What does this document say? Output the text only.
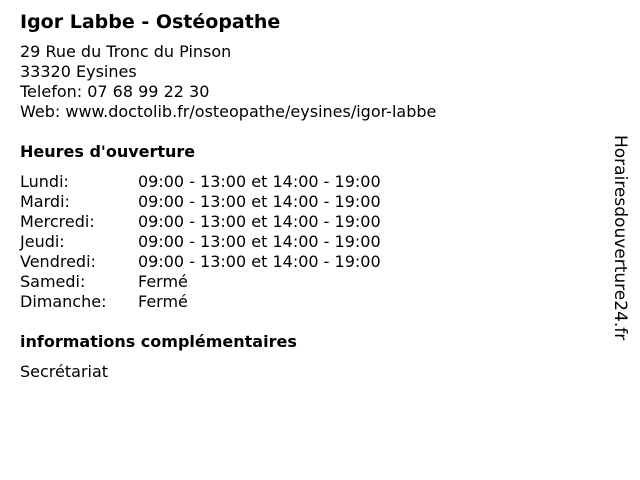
Igor Labbe - Ostéopathe
29 Rue du Tronc du Pinson
33320 Eysines
Telefon: 07 68 99 22 30
Web: www.doctolib.fr/osteopathe/eysines/igor-labbe
Heures d'ouverture
Lundi:	09:00 - 13:00 et 14:00 - 19:00
Mardi:	09:00 - 13:00 et 14:00 - 19:00
Mercredi:	09:00 - 13:00 et 14:00 - 19:00
Jeudi:	09:00 - 13:00 et 14:00 - 19:00
Vendredi:	09:00 - 13:00 et 14:00 - 19:00
Samedi:	Fermé
Dimanche:	Fermé
informations complémentaires
Secrétariat
Horairesdouverture24.fr
